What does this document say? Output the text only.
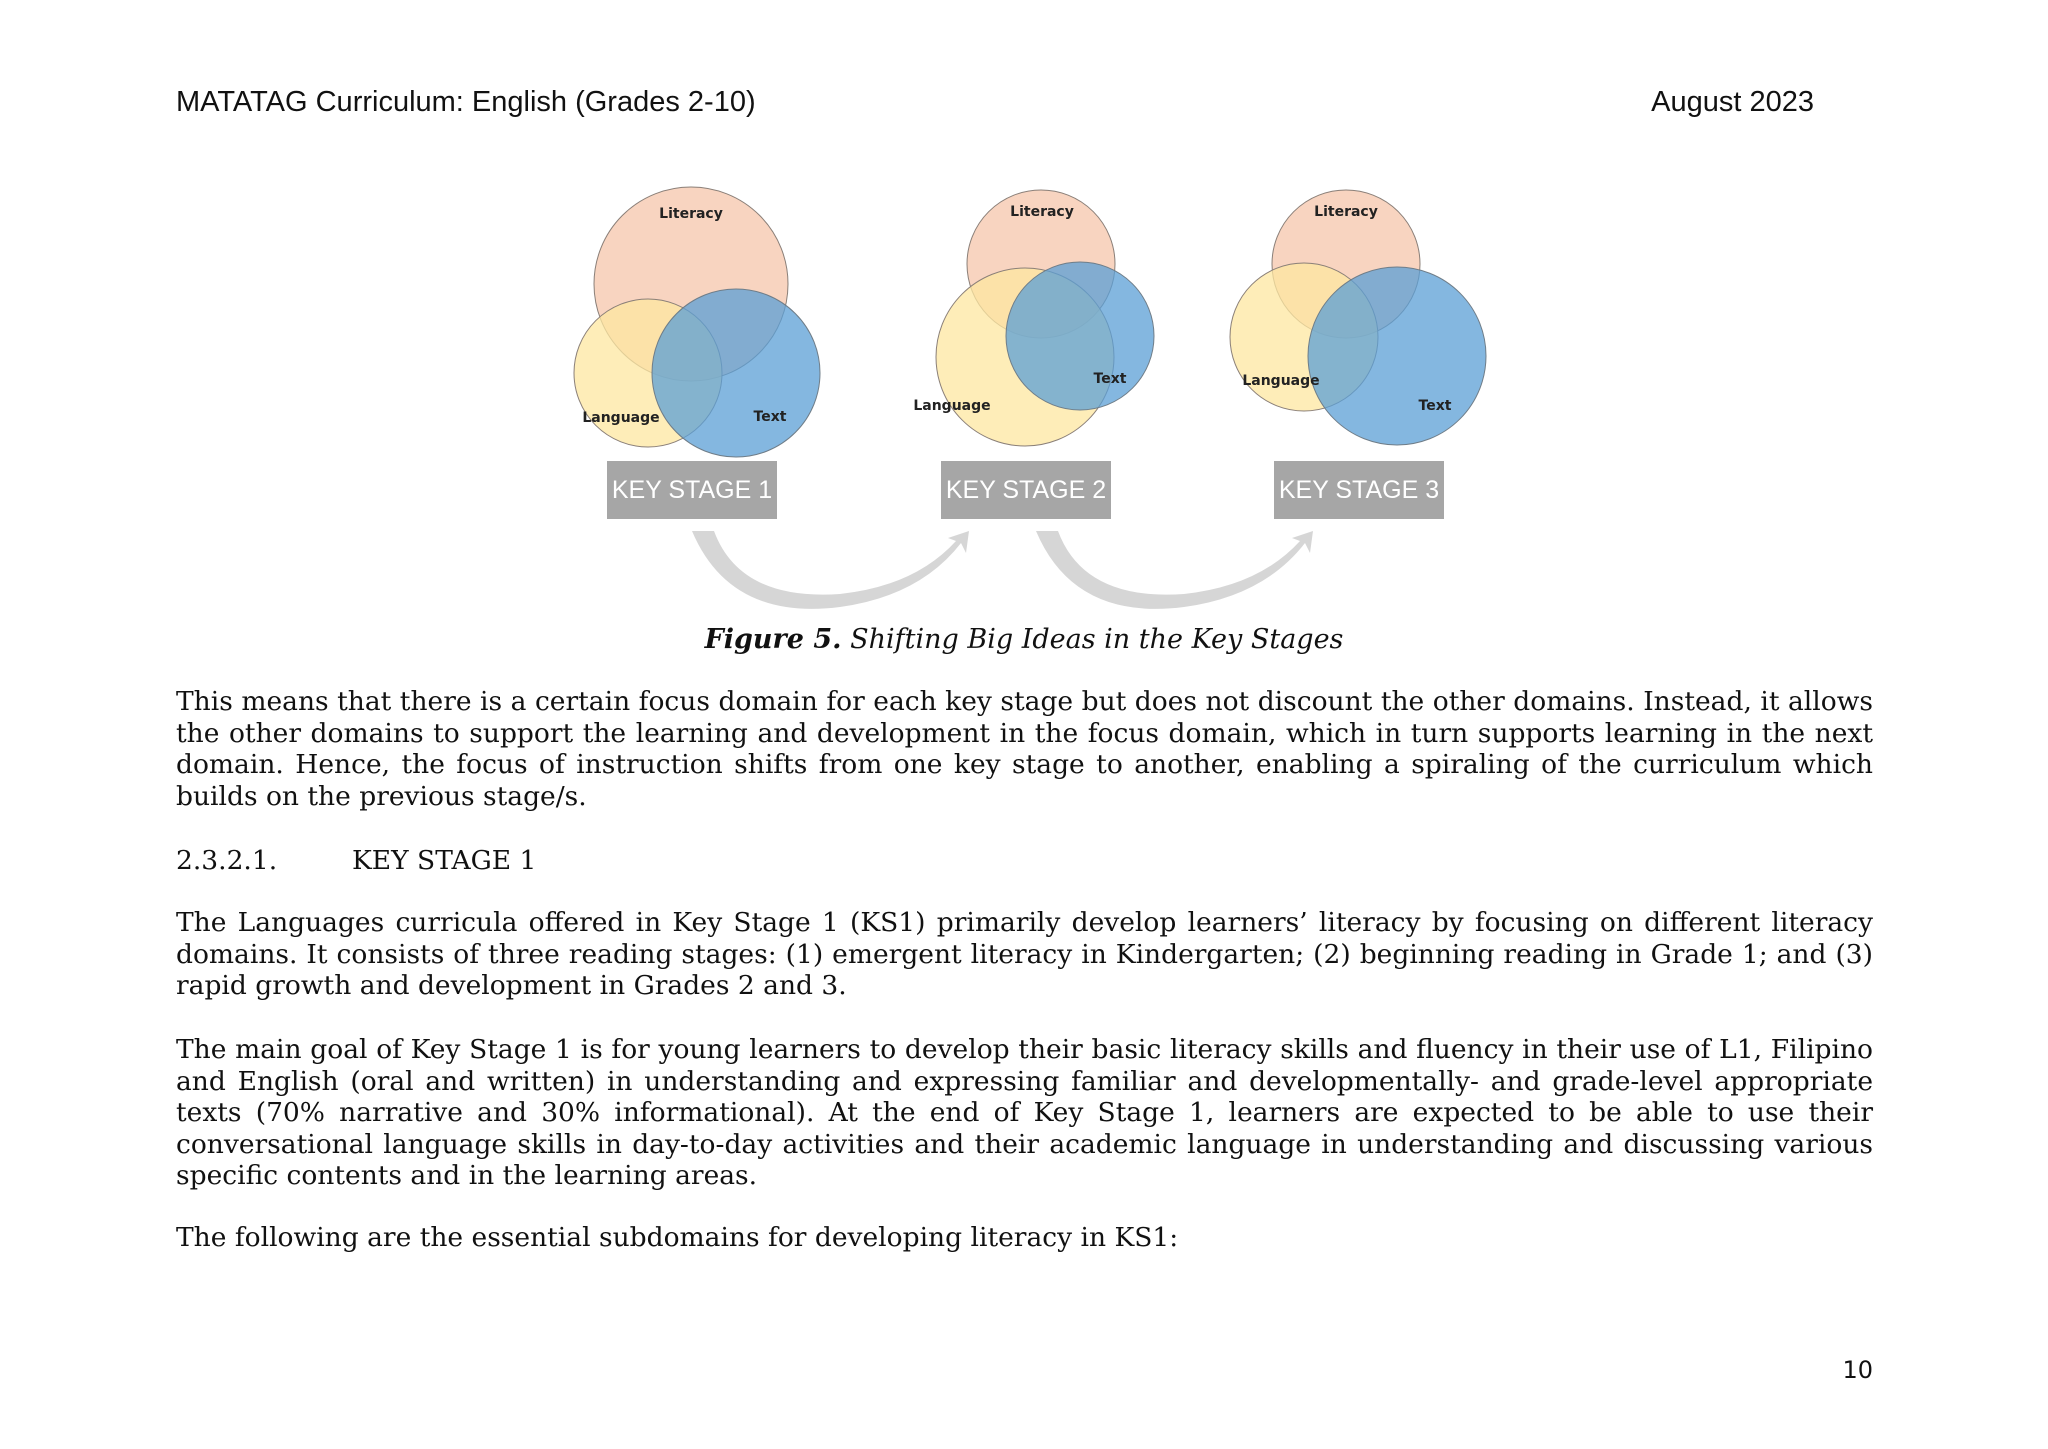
MATATAG Curriculum: English (Grades 2-10)	August 2023
Literacy
Language	Text
KEY STAGE 1
Literacy
Language
Text
KEY STAGE 2
Literacy
Language
Text
KEY STAGE 3
Figure 5. Shifting Big Ideas in the Key Stages
This means that there is a certain focus domain for each key stage but does not discount the other domains. Instead, it allows the other domains to support the learning and development in the focus domain, which in turn supports learning in the next domain. Hence, the focus of instruction shifts from one key stage to another, enabling a spiraling of the curriculum which builds on the previous stage/s.
2.3.2.1.	KEY STAGE 1
The Languages curricula offered in Key Stage 1 (KS1) primarily develop learners’ literacy by focusing on different literacy domains. It consists of three reading stages: (1) emergent literacy in Kindergarten; (2) beginning reading in Grade 1; and (3) rapid growth and development in Grades 2 and 3.
The main goal of Key Stage 1 is for young learners to develop their basic literacy skills and fluency in their use of L1, Filipino and English (oral and written) in understanding and expressing familiar and developmentally- and grade-level appropriate texts (70% narrative and 30% informational). At the end of Key Stage 1, learners are expected to be able to use their conversational language skills in day-to-day activities and their academic language in understanding and discussing various specific contents and in the learning areas.
The following are the essential subdomains for developing literacy in KS1:
10
